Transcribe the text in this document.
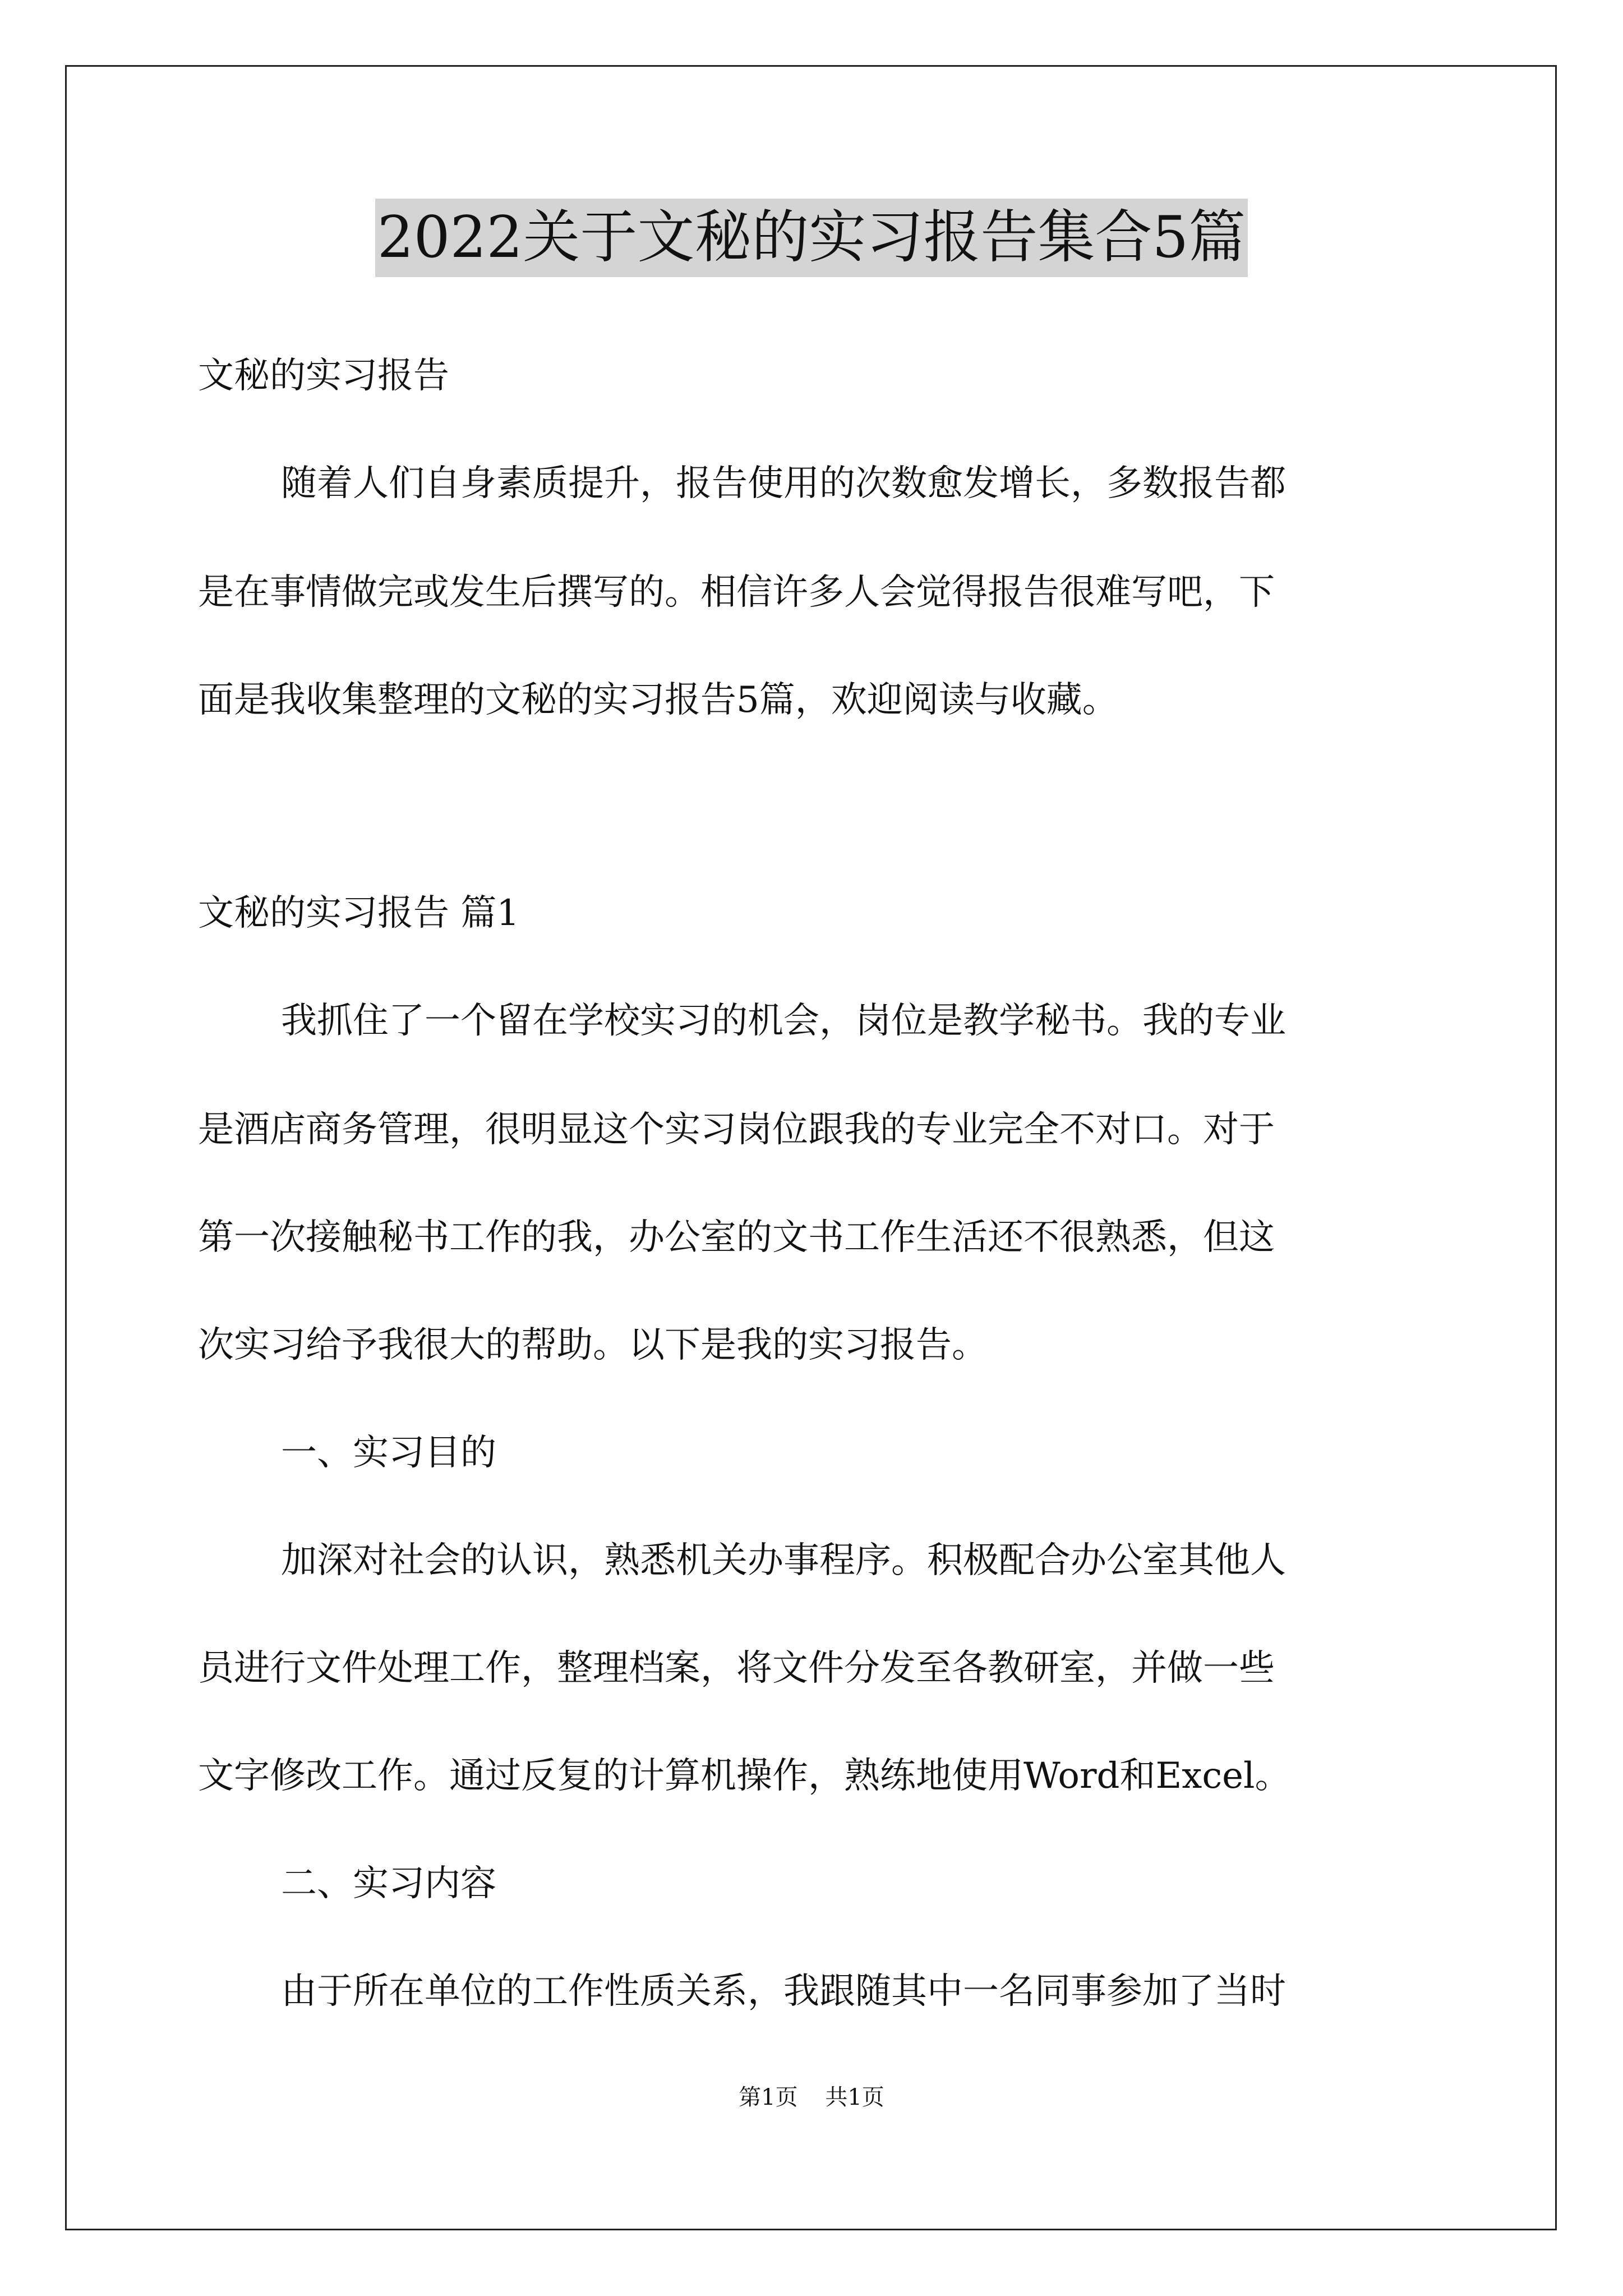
2022关于文秘的实习报告集合5篇
文秘的实习报告
随着人们自身素质提升，报告使用的次数愈发增长，多数报告都
是在事情做完或发生后撰写的。相信许多人会觉得报告很难写吧，下
面是我收集整理的文秘的实习报告5篇，欢迎阅读与收藏。
文秘的实习报告 篇1
我抓住了一个留在学校实习的机会，岗位是教学秘书。我的专业
是酒店商务管理，很明显这个实习岗位跟我的专业完全不对口。对于
第一次接触秘书工作的我，办公室的文书工作生活还不很熟悉，但这
次实习给予我很大的帮助。以下是我的实习报告。
一、实习目的
加深对社会的认识，熟悉机关办事程序。积极配合办公室其他人
员进行文件处理工作，整理档案，将文件分发至各教研室，并做一些
文字修改工作。通过反复的计算机操作，熟练地使用Word和Excel。
二、实习内容
由于所在单位的工作性质关系，我跟随其中一名同事参加了当时
第1页 共1页
